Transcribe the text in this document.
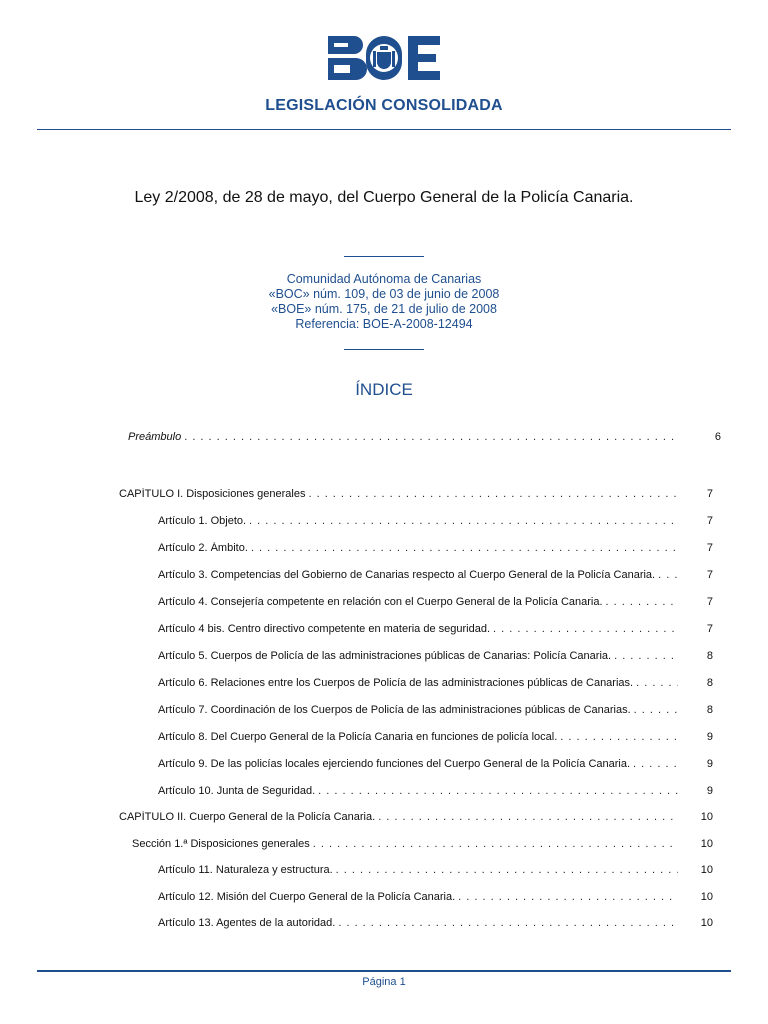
LEGISLACIÓN CONSOLIDADA
Ley 2/2008, de 28 de mayo, del Cuerpo General de la Policía Canaria.
Comunidad Autónoma de Canarias
«BOC» núm. 109, de 03 de junio de 2008
«BOE» núm. 175, de 21 de julio de 2008
Referencia: BOE-A-2008-12494
ÍNDICE
Preámbulo . . .	6
CAPÍTULO I. Disposiciones generales . . .	7
Artículo 1. Objeto. . . .	7
Artículo 2. Ámbito. . . .	7
Artículo 3. Competencias del Gobierno de Canarias respecto al Cuerpo General de la Policía Canaria. . . .	7
Artículo 4. Consejería competente en relación con el Cuerpo General de la Policía Canaria. . . .	7
Artículo 4 bis. Centro directivo competente en materia de seguridad. . . .	7
Artículo 5. Cuerpos de Policía de las administraciones públicas de Canarias: Policía Canaria. . . .	8
Artículo 6. Relaciones entre los Cuerpos de Policía de las administraciones públicas de Canarias. . . .	8
Artículo 7. Coordinación de los Cuerpos de Policía de las administraciones públicas de Canarias. . . .	8
Artículo 8. Del Cuerpo General de la Policía Canaria en funciones de policía local. . . .	9
Artículo 9. De las policías locales ejerciendo funciones del Cuerpo General de la Policía Canaria. . . .	9
Artículo 10. Junta de Seguridad. . . .	9
CAPÍTULO II. Cuerpo General de la Policía Canaria. . . .	10
Sección 1.ª Disposiciones generales . . .	10
Artículo 11. Naturaleza y estructura. . . .	10
Artículo 12. Misión del Cuerpo General de la Policía Canaria. . . .	10
Artículo 13. Agentes de la autoridad. . . .	10
Página 1
